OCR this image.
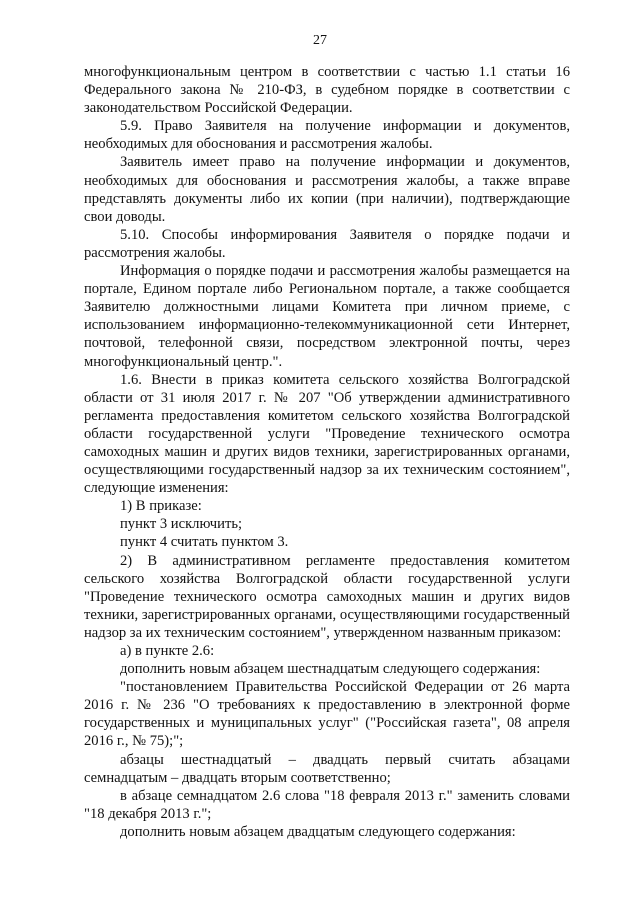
27

многофункциональным центром в соответствии с частью 1.1 статьи 16 Федерального закона № 210-ФЗ, в судебном порядке в соответствии с законодательством Российской Федерации.

5.9. Право Заявителя на получение информации и документов, необходимых для обоснования и рассмотрения жалобы.

Заявитель имеет право на получение информации и документов, необходимых для обоснования и рассмотрения жалобы, а также вправе представлять документы либо их копии (при наличии), подтверждающие свои доводы.

5.10. Способы информирования Заявителя о порядке подачи и рассмотрения жалобы.

Информация о порядке подачи и рассмотрения жалобы размещается на портале, Едином портале либо Региональном портале, а также сообщается Заявителю должностными лицами Комитета при личном приеме, с использованием информационно-телекоммуникационной сети Интернет, почтовой, телефонной связи, посредством электронной почты, через многофункциональный центр.".

1.6. Внести в приказ комитета сельского хозяйства Волгоградской области от 31 июля 2017 г. № 207 "Об утверждении административного регламента предоставления комитетом сельского хозяйства Волгоградской области государственной услуги "Проведение технического осмотра самоходных машин и других видов техники, зарегистрированных органами, осуществляющими государственный надзор за их техническим состоянием", следующие изменения:

1) В приказе:

пункт 3 исключить;

пункт 4 считать пунктом 3.

2) В административном регламенте предоставления комитетом сельского хозяйства Волгоградской области государственной услуги "Проведение технического осмотра самоходных машин и других видов техники, зарегистрированных органами, осуществляющими государственный надзор за их техническим состоянием", утвержденном названным приказом:

а) в пункте 2.6:

дополнить новым абзацем шестнадцатым следующего содержания:

"постановлением Правительства Российской Федерации от 26 марта 2016 г. № 236 "О требованиях к предоставлению в электронной форме государственных и муниципальных услуг" ("Российская газета", 08 апреля 2016 г., № 75);";

абзацы шестнадцатый – двадцать первый считать абзацами семнадцатым – двадцать вторым соответственно;

в абзаце семнадцатом 2.6 слова "18 февраля 2013 г." заменить словами "18 декабря 2013 г.";

дополнить новым абзацем двадцатым следующего содержания:
